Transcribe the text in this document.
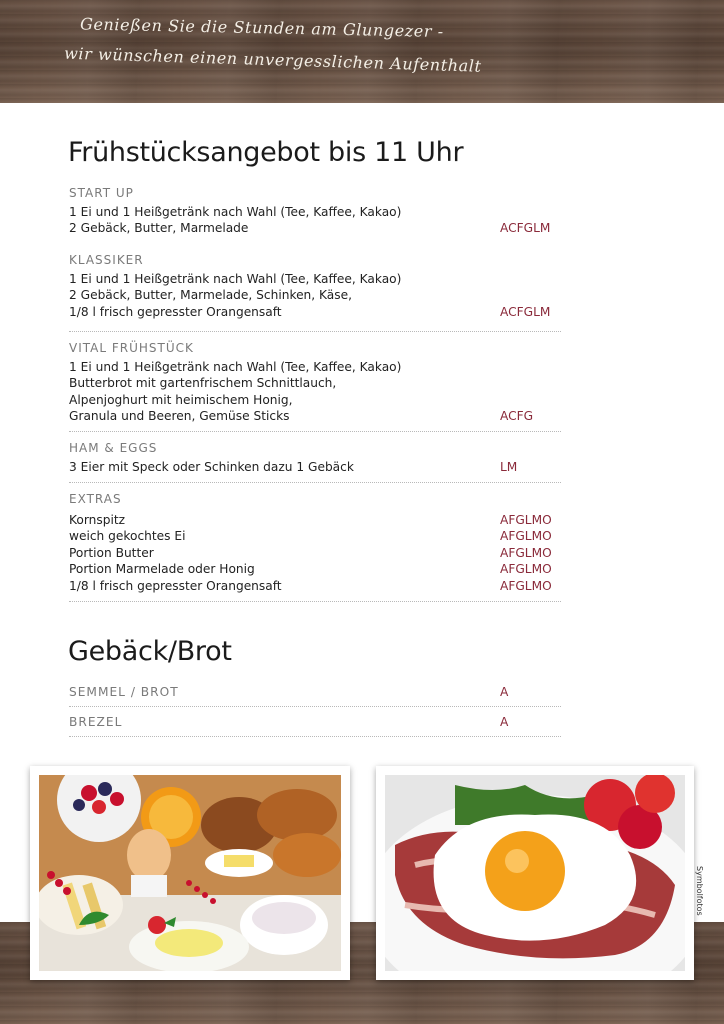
Genießen Sie die Stunden am Glungezer -
wir wünschen einen unvergesslichen Aufenthalt
Frühstücksangebot bis 11 Uhr
START UP
1 Ei und 1 Heißgetränk nach Wahl (Tee, Kaffee, Kakao)
2 Gebäck, Butter, Marmelade	ACFGLM
KLASSIKER
1 Ei und 1 Heißgetränk nach Wahl (Tee, Kaffee, Kakao)
2 Gebäck, Butter, Marmelade, Schinken, Käse,
1/8 l frisch gepresster Orangensaft	ACFGLM
VITAL FRÜHSTÜCK
1 Ei und 1 Heißgetränk nach Wahl (Tee, Kaffee, Kakao)
Butterbrot mit gartenfrischem Schnittlauch,
Alpenjoghurt mit heimischem Honig,
Granula und Beeren, Gemüse Sticks	ACFG
HAM & EGGS
3 Eier mit Speck oder Schinken dazu 1 Gebäck	LM
EXTRAS
Kornspitz	AFGLMO
weich gekochtes Ei	AFGLMO
Portion Butter	AFGLMO
Portion Marmelade oder Honig	AFGLMO
1/8 l frisch gepresster Orangensaft	AFGLMO
Gebäck/Brot
SEMMEL / BROT	A
BREZEL	A
Symbolfotos
